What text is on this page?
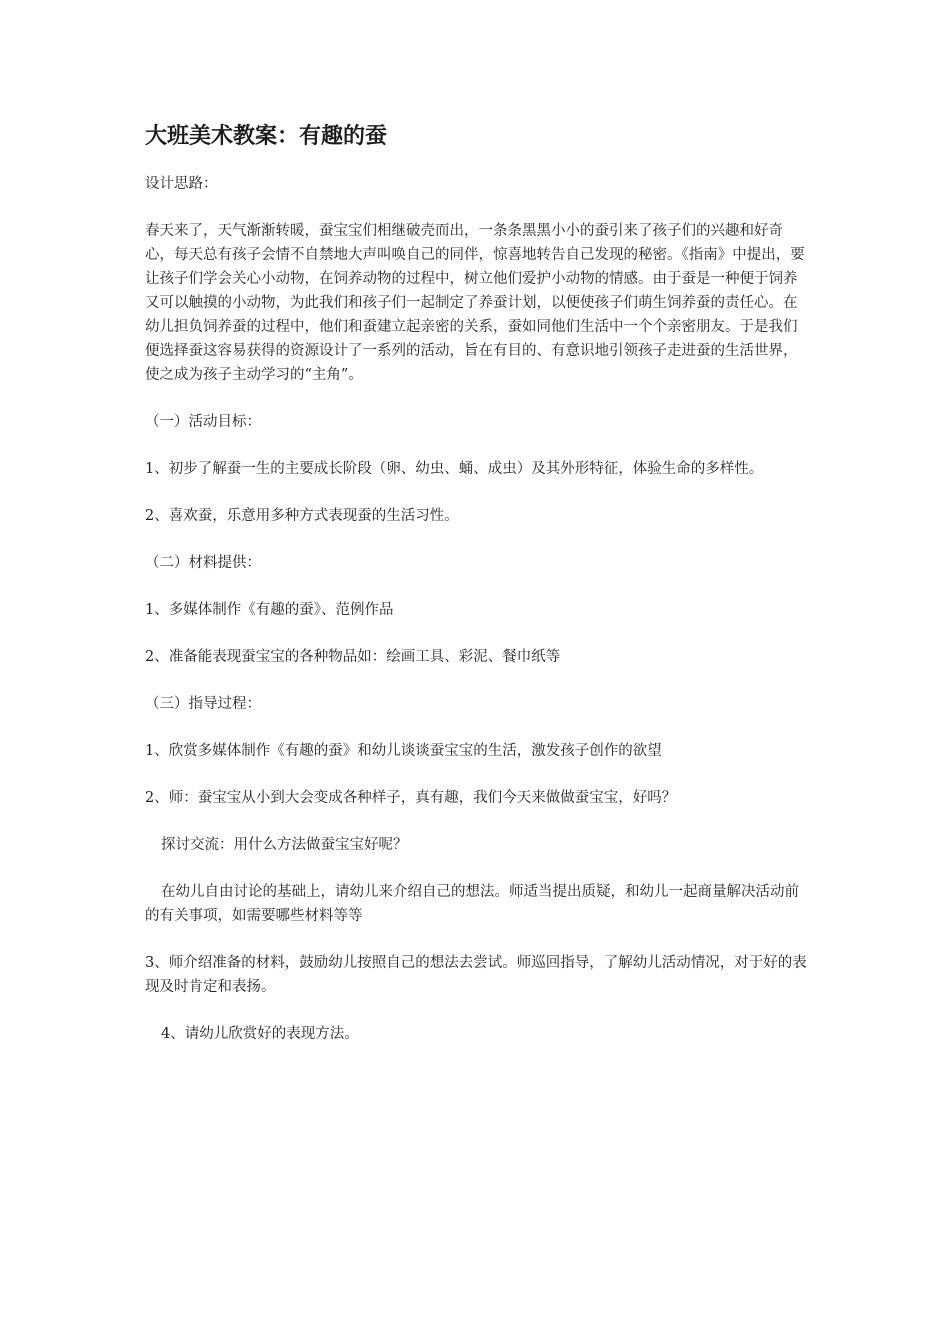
大班美术教案：有趣的蚕
设计思路：
春天来了，天气渐渐转暖，蚕宝宝们相继破壳而出，一条条黑黑小小的蚕引来了孩子们的兴趣和好奇心，每天总有孩子会情不自禁地大声叫唤自己的同伴，惊喜地转告自己发现的秘密。《指南》中提出，要让孩子们学会关心小动物，在饲养动物的过程中，树立他们爱护小动物的情感。由于蚕是一种便于饲养又可以触摸的小动物，为此我们和孩子们一起制定了养蚕计划，以便使孩子们萌生饲养蚕的责任心。在幼儿担负饲养蚕的过程中，他们和蚕建立起亲密的关系，蚕如同他们生活中一个个亲密朋友。于是我们便选择蚕这容易获得的资源设计了一系列的活动，旨在有目的、有意识地引领孩子走进蚕的生活世界，使之成为孩子主动学习的“主角”。
（一）活动目标：
1、初步了解蚕一生的主要成长阶段（卵、幼虫、蛹、成虫）及其外形特征，体验生命的多样性。
2、喜欢蚕，乐意用多种方式表现蚕的生活习性。
（二）材料提供：
1、多媒体制作《有趣的蚕》、范例作品
2、准备能表现蚕宝宝的各种物品如：绘画工具、彩泥、餐巾纸等
（三）指导过程：
1、欣赏多媒体制作《有趣的蚕》和幼儿谈谈蚕宝宝的生活，激发孩子创作的欲望
2、师：蚕宝宝从小到大会变成各种样子，真有趣，我们今天来做做蚕宝宝，好吗？
探讨交流：用什么方法做蚕宝宝好呢？
在幼儿自由讨论的基础上，请幼儿来介绍自己的想法。师适当提出质疑，和幼儿一起商量解决活动前的有关事项，如需要哪些材料等等
3、师介绍准备的材料，鼓励幼儿按照自己的想法去尝试。师巡回指导，了解幼儿活动情况，对于好的表现及时肯定和表扬。
4、请幼儿欣赏好的表现方法。
